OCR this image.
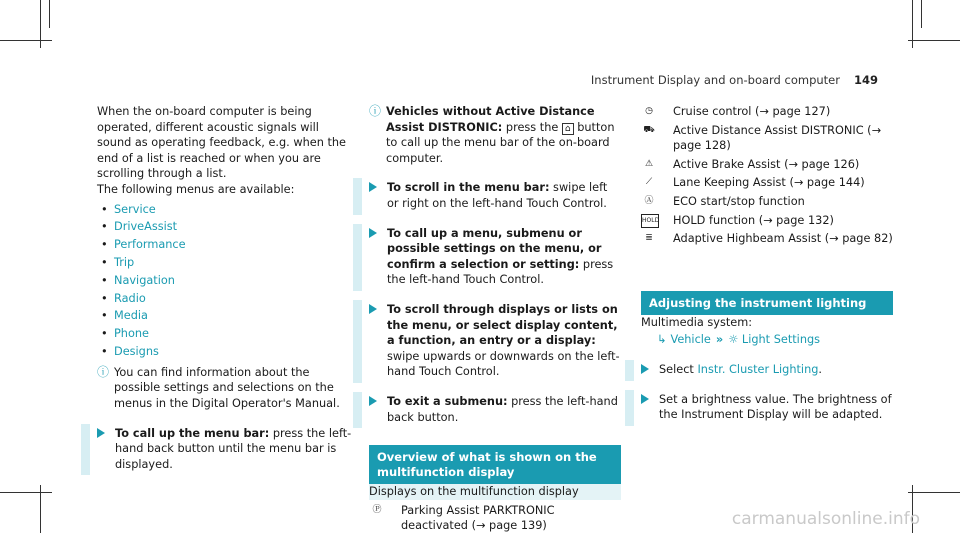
Instrument Display and on-board computer 149

When the on-board computer is being operated, different acoustic signals will sound as operating feedback, e.g. when the end of a list is reached or when you are scrolling through a list.

The following menus are available:

• Service
• DriveAssist
• Performance
• Trip
• Navigation
• Radio
• Media
• Phone
• Designs
ⓘ You can find information about the possible settings and selections on the menus in the Digital Operator's Manual.
To call up the menu bar: press the left-hand back button until the menu bar is displayed.
ⓘ Vehicles without Active Distance Assist DISTRONIC: press the ⌂ button to call up the menu bar of the on-board computer.
To scroll in the menu bar: swipe left or right on the left-hand Touch Control.
To call up a menu, submenu or possible settings on the menu, or confirm a selection or setting: press the left-hand Touch Control.
To scroll through displays or lists on the menu, or select display content, a function, an entry or a display: swipe upwards or downwards on the left-hand Touch Control.
To exit a submenu: press the left-hand back button.
Overview of what is shown on the multifunction display

Displays on the multifunction display

Ⓟ	Parking Assist PARKTRONIC deactivated (→ page 139)
◷	Cruise control (→ page 127)
⛟ Active Distance Assist DISTRONIC (→ page 128)
⚠	Active Brake Assist (→ page 126)
⟋	Lane Keeping Assist (→ page 144)
Ⓐ	ECO start/stop function
HOLD HOLD function (→ page 132)
≣	Adaptive Highbeam Assist (→ page 82)
Adjusting the instrument lighting

Multimedia system:

↳ Vehicle » ☼ Light Settings
Select Instr. Cluster Lighting.
Set a brightness value. The brightness of the Instrument Display will be adapted.
carmanualsonline.info
